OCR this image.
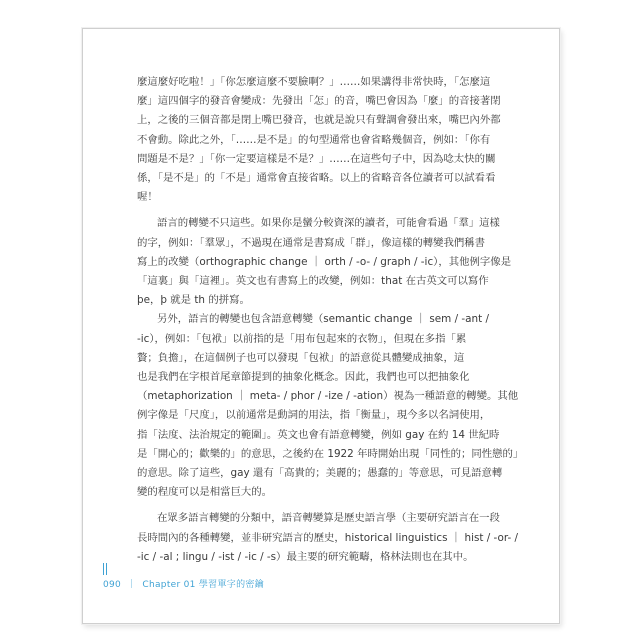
麼這麼好吃啦！」「你怎麼這麼不要臉啊？」……如果講得非常快時，「怎麼這
麼」這四個字的發音會變成：先發出「怎」的音，嘴巴會因為「麼」的音接著閉
上，之後的三個音都是閉上嘴巴發音，也就是說只有聲調會發出來，嘴巴內外都
不會動。除此之外，「……是不是」的句型通常也會省略幾個音，例如：「你有
問題是不是？」「你一定要這樣是不是？」……在這些句子中，因為唸太快的關
係，「是不是」的「不是」通常會直接省略。以上的省略音各位讀者可以試看看
喔！
語言的轉變不只這些。如果你是蠻分較資深的讀者，可能會看過「羣」這樣
的字，例如：「羣眾」，不過現在通常是書寫成「群」，像這樣的轉變我們稱書
寫上的改變（orthographic change ｜ orth / -o- / graph / -ic），其他例字像是
「這裏」與「這裡」。英文也有書寫上的改變，例如：that 在古英文可以寫作
þe，þ 就是 th 的拼寫。
另外，語言的轉變也包含語意轉變（semantic change ｜ sem / -ant /
-ic），例如：「包袱」以前指的是「用布包起來的衣物」，但現在多指「累
贅；負擔」，在這個例子也可以發現「包袱」的語意從具體變成抽象，這
也是我們在字根首尾章節提到的抽象化概念。因此，我們也可以把抽象化
（metaphorization ｜ meta- / phor / -ize / -ation）視為一種語意的轉變。其他
例字像是「尺度」，以前通常是動詞的用法，指「衡量」，現今多以名詞使用，
指「法度、法治規定的範圍」。英文也會有語意轉變，例如 gay 在約 14 世紀時
是「開心的；歡樂的」的意思，之後約在 1922 年時開始出現「同性的；同性戀的」
的意思。除了這些，gay 還有「高貴的；美麗的；愚蠢的」等意思，可見語意轉
變的程度可以是相當巨大的。
在眾多語言轉變的分類中，語音轉變算是歷史語言學（主要研究語言在一段
長時間內的各種轉變，並非研究語言的歷史，historical linguistics ｜ hist / -or- /
-ic / -al ; lingu / -ist / -ic / -s）最主要的研究範疇，格林法則也在其中。
090 ｜ Chapter 01 學習單字的密鑰
